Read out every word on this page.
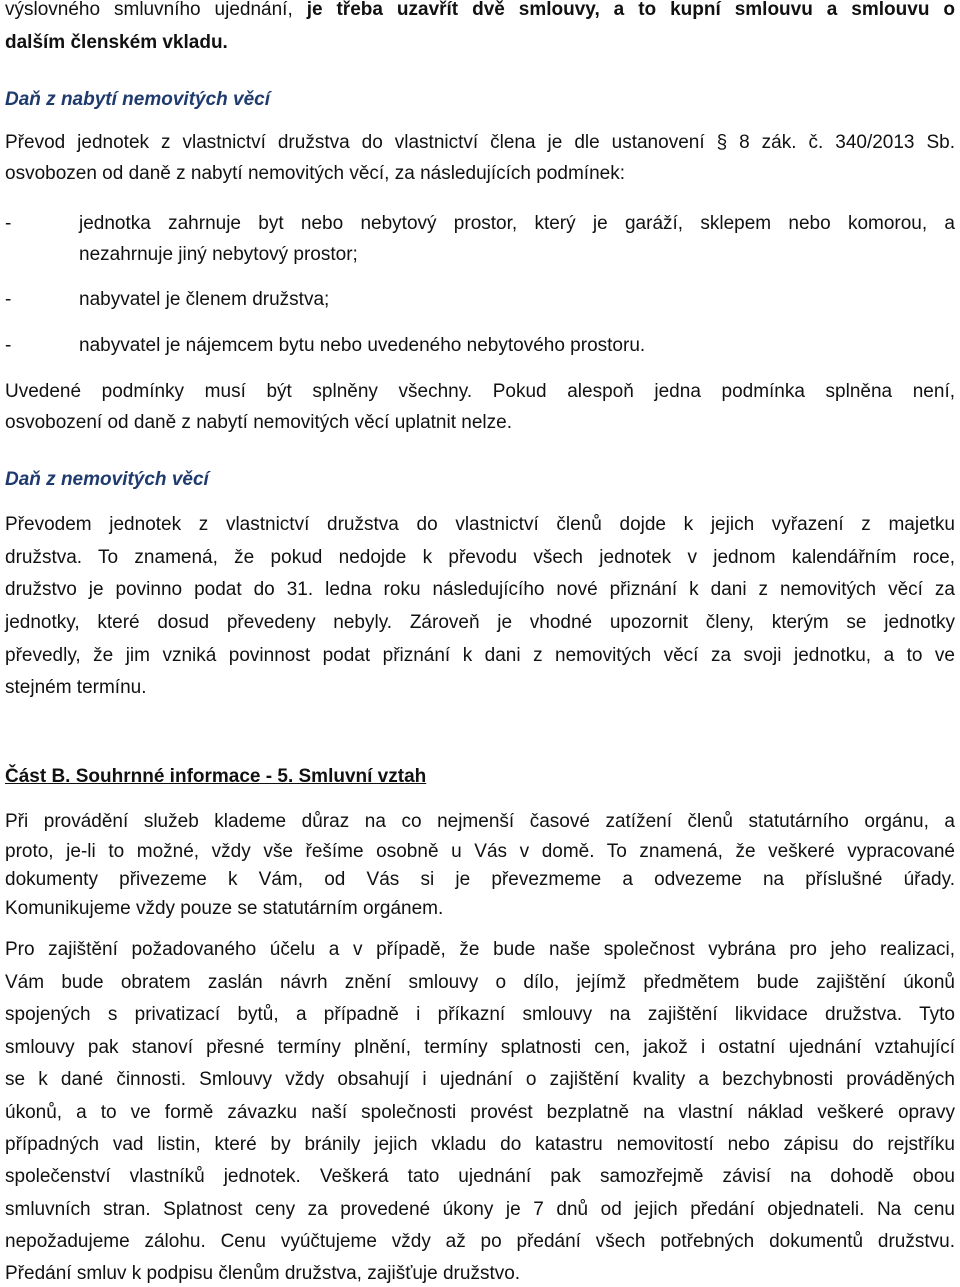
výslovného smluvního ujednání, je třeba uzavřít dvě smlouvy, a to kupní smlouvu a smlouvu o
dalším členském vkladu.
Daň z nabytí nemovitých věcí
Převod jednotek z vlastnictví družstva do vlastnictví člena je dle ustanovení § 8 zák. č. 340/2013 Sb.
osvobozen od daně z nabytí nemovitých věcí, za následujících podmínek:
-	jednotka zahrnuje byt nebo nebytový prostor, který je garáží, sklepem nebo komorou, a
nezahrnuje jiný nebytový prostor;
-	nabyvatel je členem družstva;
-	nabyvatel je nájemcem bytu nebo uvedeného nebytového prostoru.
Uvedené podmínky musí být splněny všechny. Pokud alespoň jedna podmínka splněna není,
osvobození od daně z nabytí nemovitých věcí uplatnit nelze.
Daň z nemovitých věcí
Převodem jednotek z vlastnictví družstva do vlastnictví členů dojde k jejich vyřazení z majetku
družstva. To znamená, že pokud nedojde k převodu všech jednotek v jednom kalendářním roce,
družstvo je povinno podat do 31. ledna roku následujícího nové přiznání k dani z nemovitých věcí za
jednotky, které dosud převedeny nebyly. Zároveň je vhodné upozornit členy, kterým se jednotky
převedly, že jim vzniká povinnost podat přiznání k dani z nemovitých věcí za svoji jednotku, a to ve
stejném termínu.
Část B. Souhrnné informace - 5. Smluvní vztah
Při provádění služeb klademe důraz na co nejmenší časové zatížení členů statutárního orgánu, a
proto, je-li to možné, vždy vše řešíme osobně u Vás v domě. To znamená, že veškeré vypracované
dokumenty přivezeme k Vám, od Vás si je převezmeme a odvezeme na příslušné úřady.
Komunikujeme vždy pouze se statutárním orgánem.
Pro zajištění požadovaného účelu a v případě, že bude naše společnost vybrána pro jeho realizaci,
Vám bude obratem zaslán návrh znění smlouvy o dílo, jejímž předmětem bude zajištění úkonů
spojených s privatizací bytů, a případně i příkazní smlouvy na zajištění likvidace družstva. Tyto
smlouvy pak stanoví přesné termíny plnění, termíny splatnosti cen, jakož i ostatní ujednání vztahující
se k dané činnosti. Smlouvy vždy obsahují i ujednání o zajištění kvality a bezchybnosti prováděných
úkonů, a to ve formě závazku naší společnosti provést bezplatně na vlastní náklad veškeré opravy
případných vad listin, které by bránily jejich vkladu do katastru nemovitostí nebo zápisu do rejstříku
společenství vlastníků jednotek. Veškerá tato ujednání pak samozřejmě závisí na dohodě obou
smluvních stran. Splatnost ceny za provedené úkony je 7 dnů od jejich předání objednateli. Na cenu
nepožadujeme zálohu. Cenu vyúčtujeme vždy až po předání všech potřebných dokumentů družstvu.
Předání smluv k podpisu členům družstva, zajišťuje družstvo.
